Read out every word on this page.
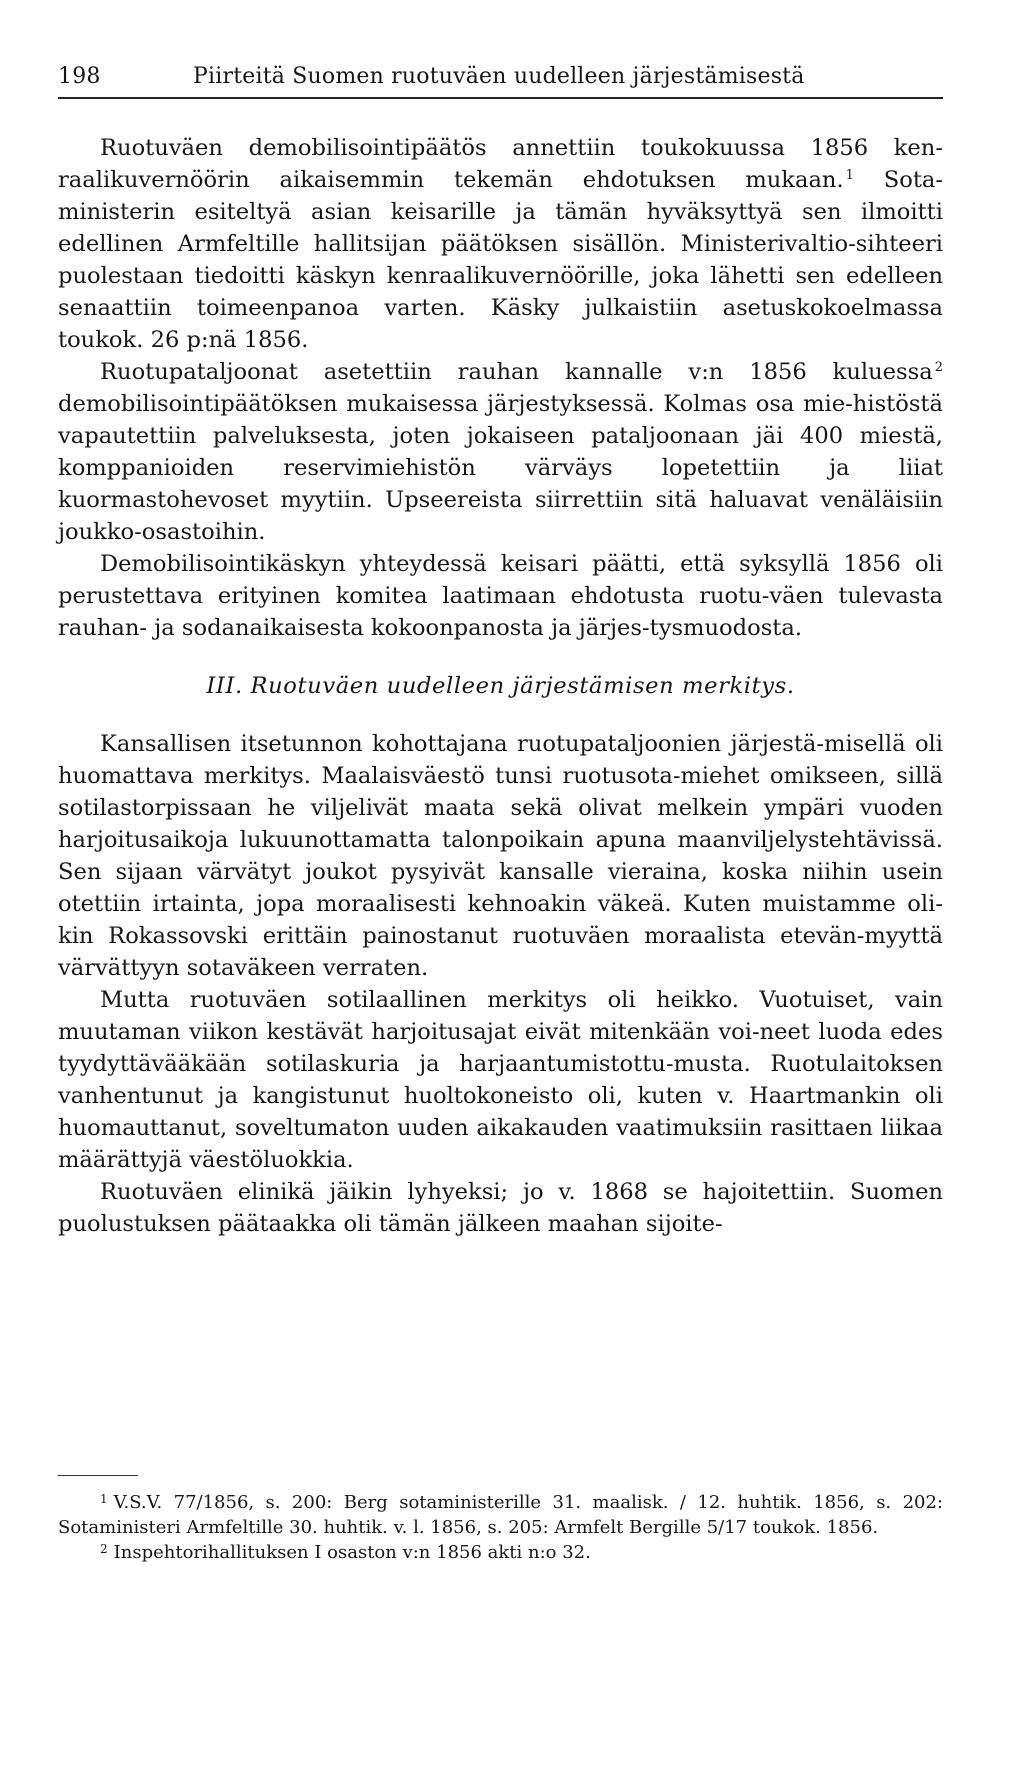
198	Piirteitä Suomen ruotuväen uudelleen järjestämisestä

Ruotuväen demobilisointipäätös annettiin toukokuussa 1856 ken-raalikuvernöörin aikaisemmin tekemän ehdotuksen mukaan. $^1$ Sota-ministerin esiteltyä asian keisarille ja tämän hyväksyttyä sen ilmoitti edellinen Armfeltille hallitsijan päätöksen sisällön. Ministerivaltio-sihteeri puolestaan tiedoitti käskyn kenraalikuvernöörille, joka lähetti sen edelleen senaattiin toimeenpanoa varten. Käsky julkaistiin asetuskokoelmassa toukok. 26 p:nä 1856.

Ruotupataljoonat asetettiin rauhan kannalle v:n 1856 kuluessa $^2$ demobilisointipäätöksen mukaisessa järjestyksessä. Kolmas osa mie-histöstä vapautettiin palveluksesta, joten jokaiseen pataljoonaan jäi 400 miestä, komppanioiden reservimiehistön värväys lopetettiin ja liiat kuormastohevoset myytiin. Upseereista siirrettiin sitä haluavat venäläisiin joukko-osastoihin.

Demobilisointikäskyn yhteydessä keisari päätti, että syksyllä 1856 oli perustettava erityinen komitea laatimaan ehdotusta ruotu-väen tulevasta rauhan- ja sodanaikaisesta kokoonpanosta ja järjes-tysmuodosta.

III. Ruotuväen uudelleen järjestämisen merkitys.

Kansallisen itsetunnon kohottajana ruotupataljoonien järjestä-misellä oli huomattava merkitys. Maalaisväestö tunsi ruotusota-miehet omikseen, sillä sotilastorpissaan he viljelivät maata sekä olivat melkein ympäri vuoden harjoitusaikoja lukuunottamatta talonpoikain apuna maanviljelystehtävissä. Sen sijaan värvätyt joukot pysyivät kansalle vieraina, koska niihin usein otettiin irtainta, jopa moraalisesti kehnoakin väkeä. Kuten muistamme oli-kin Rokassovski erittäin painostanut ruotuväen moraalista etevän-myyttä värvättyyn sotaväkeen verraten.

Mutta ruotuväen sotilaallinen merkitys oli heikko. Vuotuiset, vain muutaman viikon kestävät harjoitusajat eivät mitenkään voi-neet luoda edes tyydyttävääkään sotilaskuria ja harjaantumistottu-musta. Ruotulaitoksen vanhentunut ja kangistunut huoltokoneisto oli, kuten v. Haartmankin oli huomauttanut, soveltumaton uuden aikakauden vaatimuksiin rasittaen liikaa määrättyjä väestöluokkia.

Ruotuväen elinikä jäikin lyhyeksi; jo v. 1868 se hajoitettiin. Suomen puolustuksen päätaakka oli tämän jälkeen maahan sijoite-

$^1$ V.S.V. 77/1856, s. 200: Berg sotaministerille 31. maalisk. / 12. huhtik. 1856, s. 202: Sotaministeri Armfeltille 30. huhtik. v. l. 1856, s. 205: Armfelt Bergille 5/17 toukok. 1856.

$^2$ Inspehtorihallituksen I osaston v:n 1856 akti n:o 32.
